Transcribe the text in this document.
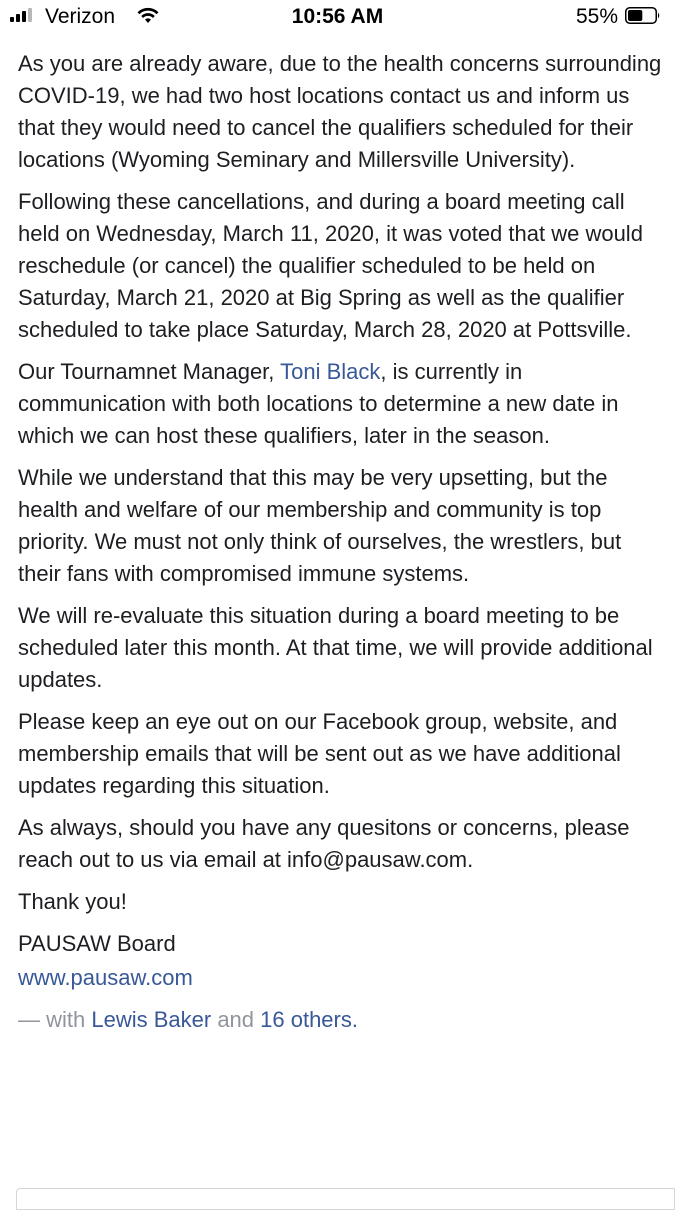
Verizon	10:56 AM	55%

As you are already aware, due to the health concerns surrounding COVID-19, we had two host locations contact us and inform us that they would need to cancel the qualifiers scheduled for their locations (Wyoming Seminary and Millersville University).

Following these cancellations, and during a board meeting call held on Wednesday, March 11, 2020, it was voted that we would reschedule (or cancel) the qualifier scheduled to be held on Saturday, March 21, 2020 at Big Spring as well as the qualifier scheduled to take place Saturday, March 28, 2020 at Pottsville.

Our Tournamnet Manager, Toni Black, is currently in communication with both locations to determine a new date in which we can host these qualifiers, later in the season.

While we understand that this may be very upsetting, but the health and welfare of our membership and community is top priority. We must not only think of ourselves, the wrestlers, but their fans with compromised immune systems.

We will re-evaluate this situation during a board meeting to be scheduled later this month. At that time, we will provide additional updates.

Please keep an eye out on our Facebook group, website, and membership emails that will be sent out as we have additional updates regarding this situation.

As always, should you have any quesitons or concerns, please reach out to us via email at info@pausaw.com.

Thank you!

PAUSAW Board

www.pausaw.com

— with Lewis Baker and 16 others.
